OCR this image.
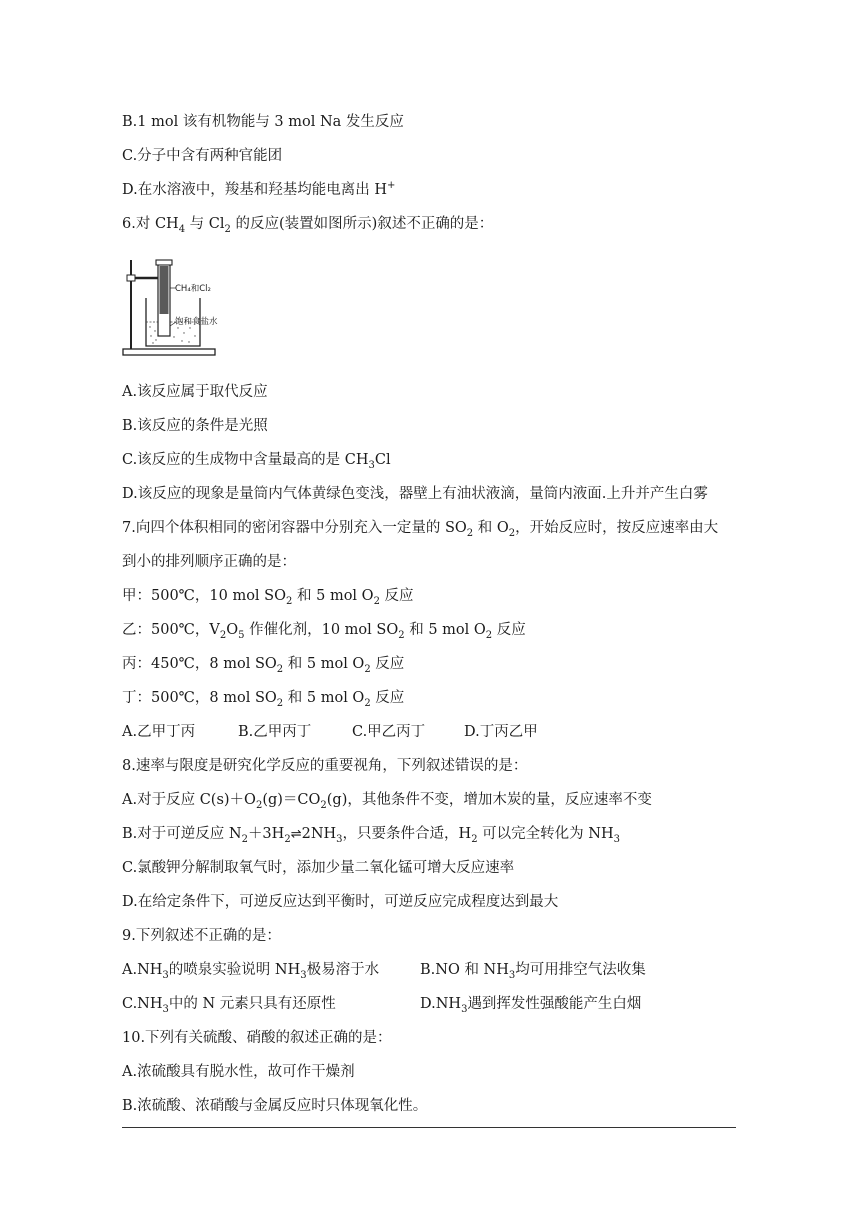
B.1 mol 该有机物能与 3 mol Na 发生反应
C.分子中含有两种官能团
D.在水溶液中，羧基和羟基均能电离出 H+
6.对 $CH_4$ 与 $Cl_2$ 的反应(装置如图所示)叙述不正确的是：
CH₄和Cl₂
饱和食盐水
A.该反应属于取代反应
B.该反应的条件是光照
C.该反应的生成物中含量最高的是 $CH_3Cl$
D.该反应的现象是量筒内气体黄绿色变浅，器壁上有油状液滴，量筒内液面.上升并产生白雾
7.向四个体积相同的密闭容器中分别充入一定量的 $SO_2$ 和 $O_2$，开始反应时，按反应速率由大
到小的排列顺序正确的是：
甲：500℃，10 mol $SO_2$ 和 5 mol $O_2$ 反应
乙：500℃，$V_2O_5$ 作催化剂，10 mol $SO_2$ 和 5 mol $O_2$ 反应
丙：450℃，8 mol $SO_2$ 和 5 mol $O_2$ 反应
丁：500℃，8 mol $SO_2$ 和 5 mol $O_2$ 反应
A.乙甲丁丙	B.乙甲丙丁	C.甲乙丙丁	D.丁丙乙甲
8.速率与限度是研究化学反应的重要视角，下列叙述错误的是：
A.对于反应 $C(s)+O_2(g)=CO_2(g)$，其他条件不变，增加木炭的量，反应速率不变
B.对于可逆反应 $N_2+3H_2\rightleftharpoons 2NH_3$，只要条件合适，$H_2$ 可以完全转化为 $NH_3$
C.氯酸钾分解制取氧气时，添加少量二氧化锰可增大反应速率
D.在给定条件下，可逆反应达到平衡时，可逆反应完成程度达到最大
9.下列叙述不正确的是：
$A.NH_3$的喷泉实验说明 $NH_3$极易溶于水	B.NO 和 $NH_3$均可用排空气法收集
$C.NH_3$中的 N 元素只具有还原性	$D.NH_3$遇到挥发性强酸能产生白烟
10.下列有关硫酸、硝酸的叙述正确的是：
A.浓硫酸具有脱水性，故可作干燥剂
B.浓硫酸、浓硝酸与金属反应时只体现氧化性。
